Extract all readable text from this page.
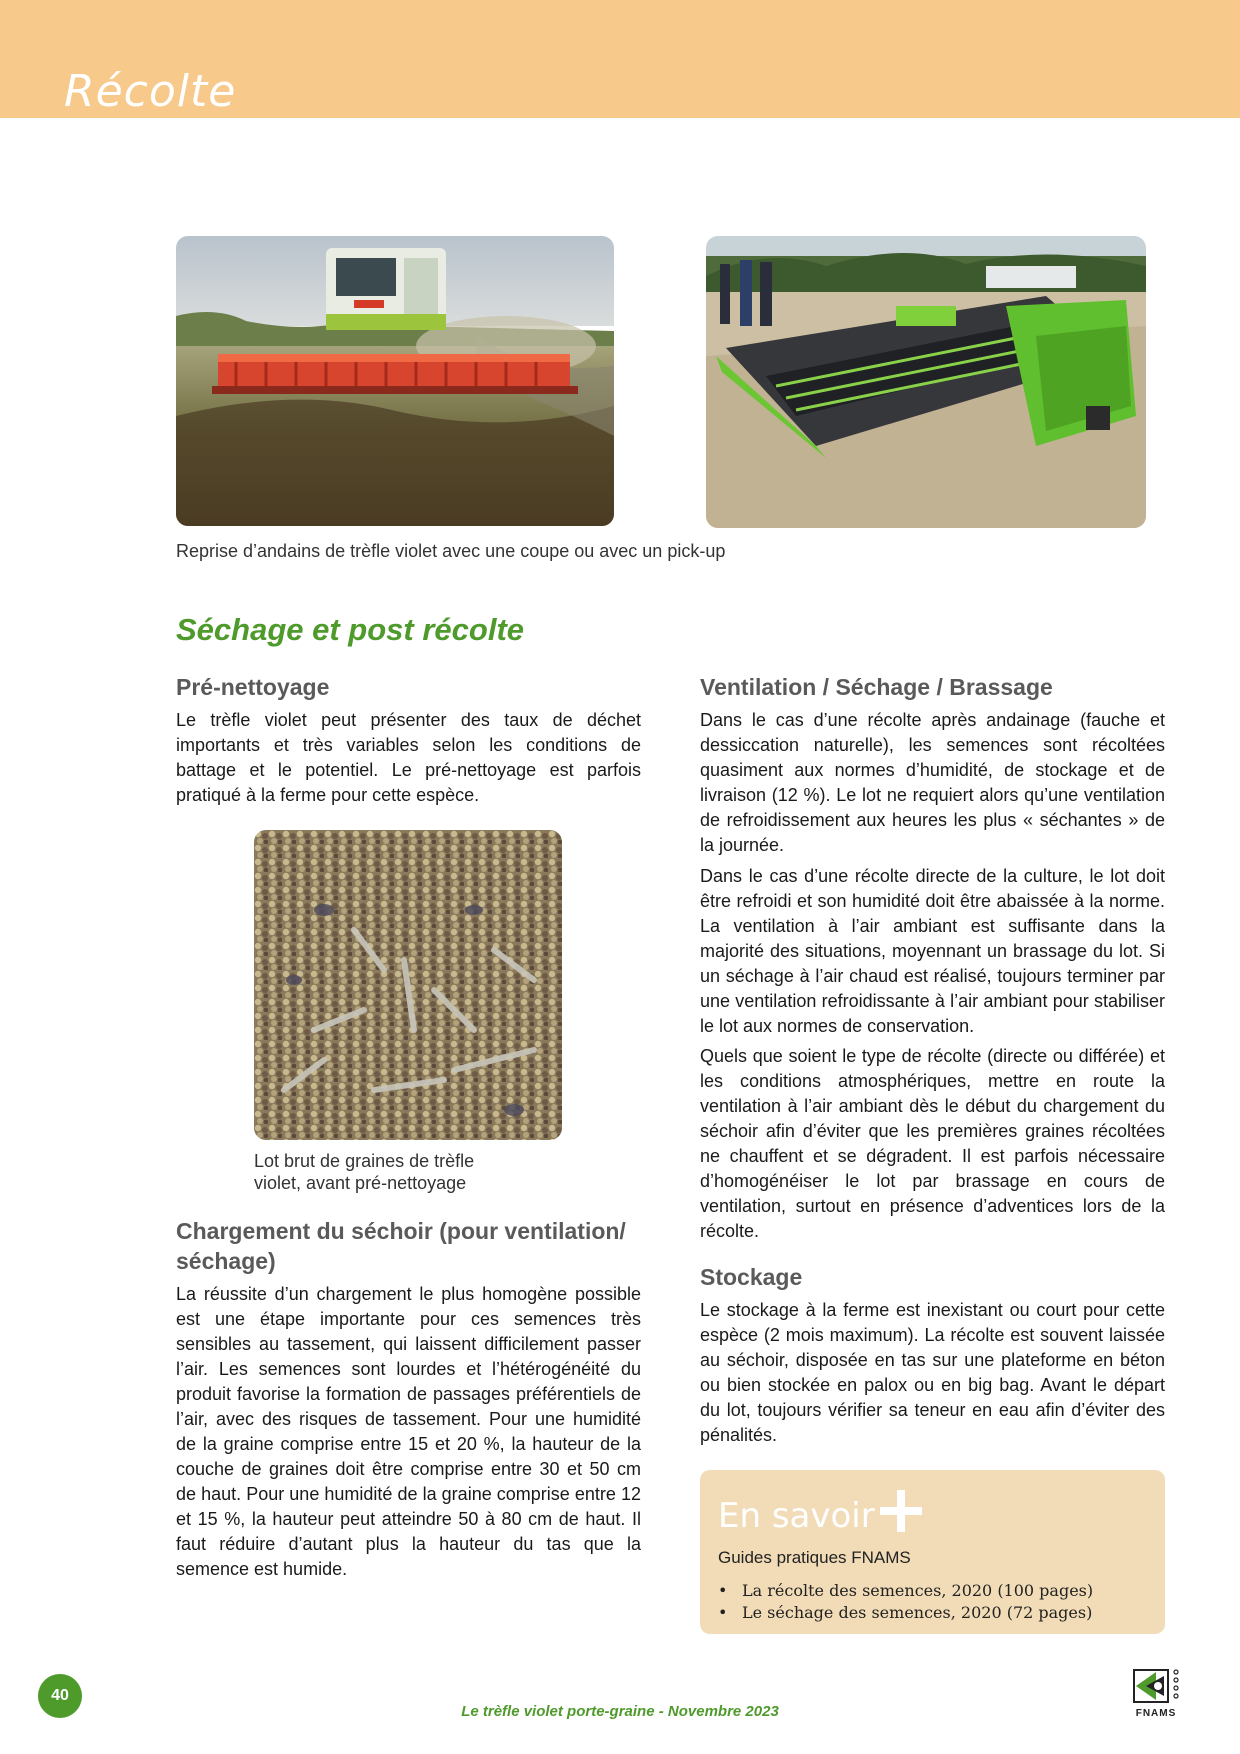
Récolte
Reprise d’andains de trèfle violet avec une coupe ou avec un pick-up
Séchage et post récolte
Pré-nettoyage
Le trèfle violet peut présenter des taux de déchet importants et très variables selon les conditions de battage et le potentiel. Le pré-nettoyage est parfois pratiqué à la ferme pour cette espèce.
Lot brut de graines de trèfle
violet, avant pré-nettoyage
Chargement du séchoir (pour ventilation/ séchage)
La réussite d’un chargement le plus homogène possible est une étape importante pour ces semences très sensibles au tassement, qui laissent difficilement passer l’air. Les semences sont lourdes et l’hétérogénéité du produit favorise la formation de passages préférentiels de l’air, avec des risques de tassement. Pour une humidité de la graine comprise entre 15 et 20 %, la hauteur de la couche de graines doit être comprise entre 30 et 50 cm de haut. Pour une humidité de la graine comprise entre 12 et 15 %, la hauteur peut atteindre 50 à 80 cm de haut. Il faut réduire d’autant plus la hauteur du tas que la semence est humide.
Ventilation / Séchage / Brassage
Dans le cas d’une récolte après andainage (fauche et dessiccation naturelle), les semences sont récoltées quasiment aux normes d’humidité, de stockage et de livraison (12 %). Le lot ne requiert alors qu’une ventilation de refroidissement aux heures les plus « séchantes » de la journée.
Dans le cas d’une récolte directe de la culture, le lot doit être refroidi et son humidité doit être abaissée à la norme. La ventilation à l’air ambiant est suffisante dans la majorité des situations, moyennant un brassage du lot. Si un séchage à l’air chaud est réalisé, toujours terminer par une ventilation refroidissante à l’air ambiant pour stabiliser le lot aux normes de conservation.
Quels que soient le type de récolte (directe ou différée) et les conditions atmosphériques, mettre en route la ventilation à l’air ambiant dès le début du chargement du séchoir afin d’éviter que les premières graines récoltées ne chauffent et se dégradent. Il est parfois nécessaire d’homogénéiser le lot par brassage en cours de ventilation, surtout en présence d’adventices lors de la récolte.
Stockage
Le stockage à la ferme est inexistant ou court pour cette espèce (2 mois maximum). La récolte est souvent laissée au séchoir, disposée en tas sur une plateforme en béton ou bien stockée en palox ou en big bag. Avant le départ du lot, toujours vérifier sa teneur en eau afin d’éviter des pénalités.
En savoir
Guides pratiques FNAMS
• La récolte des semences, 2020 (100 pages)
• Le séchage des semences, 2020 (72 pages)
40
Le trèfle violet porte-graine - Novembre 2023	FNAMS
